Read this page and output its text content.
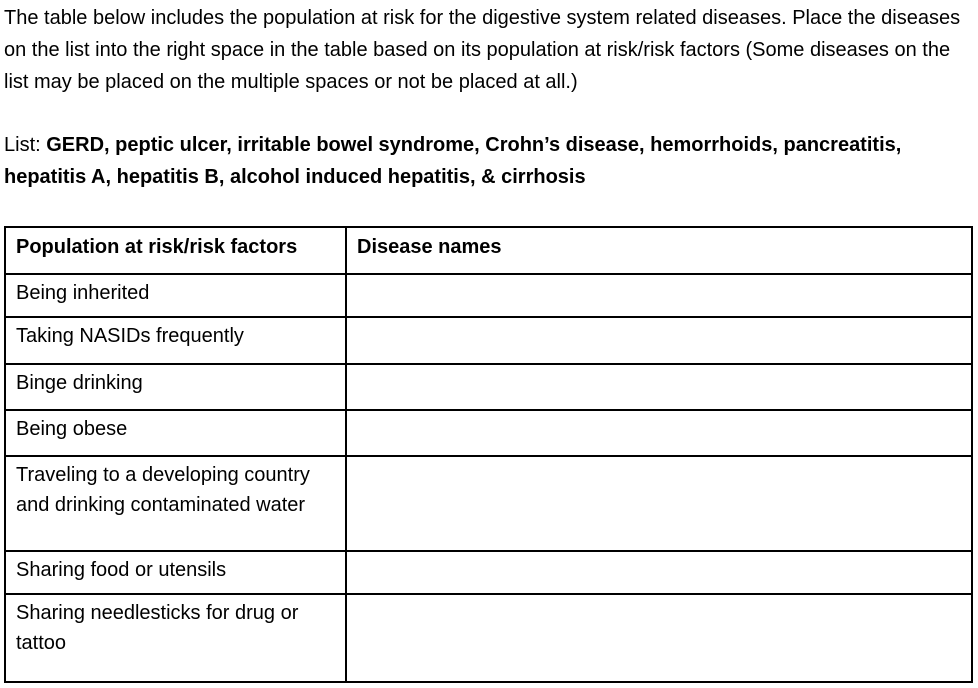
The table below includes the population at risk for the digestive system related diseases. Place the diseases on the list into the right space in the table based on its population at risk/risk factors (Some diseases on the list may be placed on the multiple spaces or not be placed at all.)

List: GERD, peptic ulcer, irritable bowel syndrome, Crohn’s disease, hemorrhoids, pancreatitis, hepatitis A, hepatitis B, alcohol induced hepatitis, & cirrhosis

Population at risk/risk factors	Disease names
Being inherited	
Taking NASIDs frequently	
Binge drinking	
Being obese	
Traveling to a developing country and drinking contaminated water	
Sharing food or utensils	
Sharing needlesticks for drug or tattoo	
